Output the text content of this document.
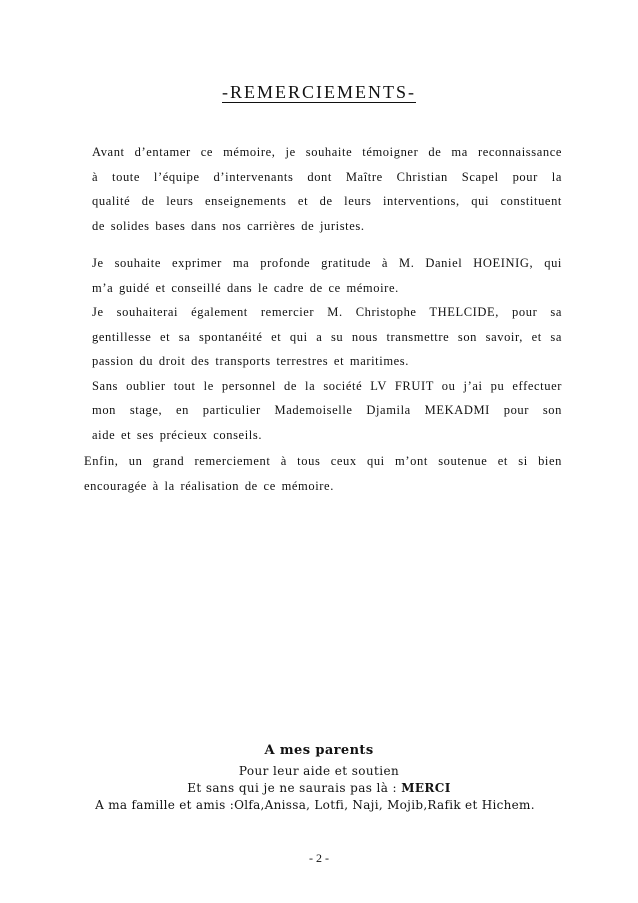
-REMERCIEMENTS-
Avant d’entamer ce mémoire, je souhaite témoigner de ma reconnaissance
à toute l’équipe d’intervenants dont Maître Christian Scapel pour la
qualité de leurs enseignements et de leurs interventions, qui constituent
de solides bases dans nos carrières de juristes.
Je souhaite exprimer ma profonde gratitude à M. Daniel HOEINIG, qui
m’a guidé et conseillé dans le cadre de ce mémoire.
Je souhaiterai également remercier M. Christophe THELCIDE, pour sa
gentillesse et sa spontanéité et qui a su nous transmettre son savoir, et sa
passion du droit des transports terrestres et maritimes.
Sans oublier tout le personnel de la société LV FRUIT ou j’ai pu effectuer
mon stage, en particulier Mademoiselle Djamila MEKADMI pour son
aide et ses précieux conseils.
Enfin, un grand remerciement à tous ceux qui m’ont soutenue et si bien
encouragée à la réalisation de ce mémoire.
A mes parents
Pour leur aide et soutien
Et sans qui je ne saurais pas là : MERCI
A ma famille et amis :Olfa,Anissa, Lotfi, Naji, Mojib,Rafik et Hichem.
- 2 -
